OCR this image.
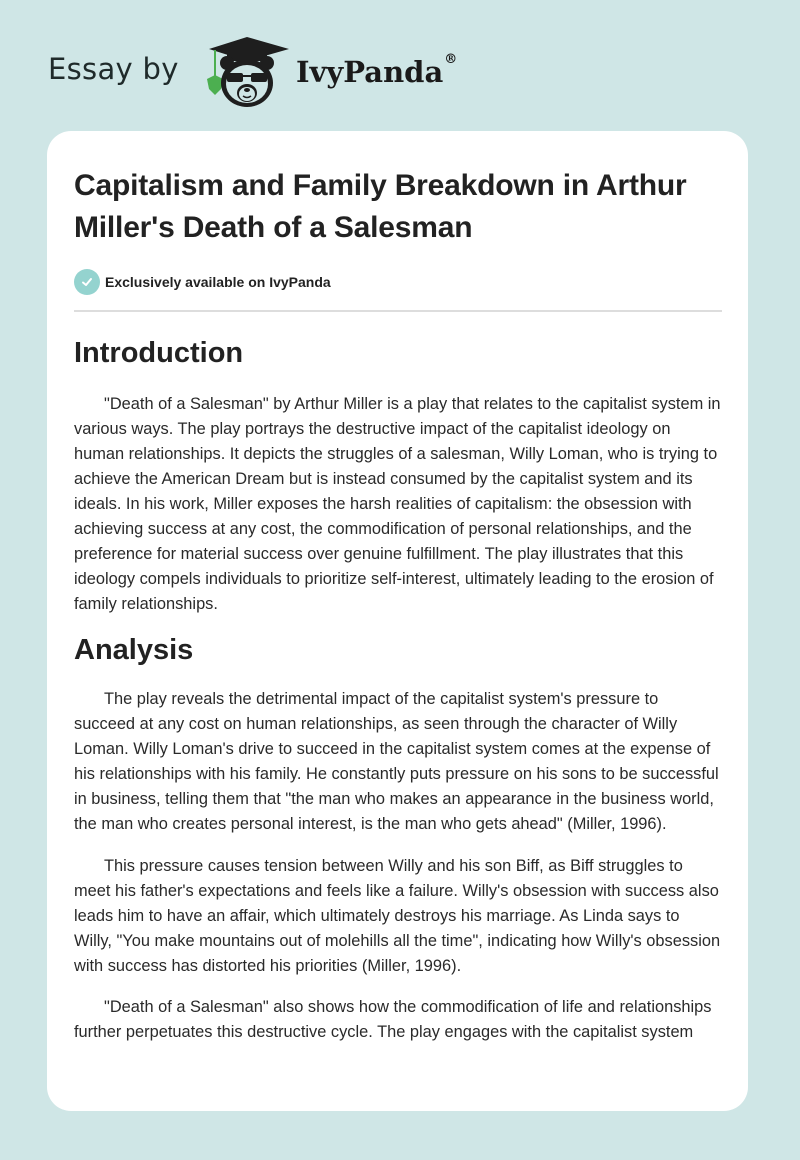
Essay by	IvyPanda®
Capitalism and Family Breakdown in Arthur Miller's Death of a Salesman
Exclusively available on IvyPanda
Introduction

"Death of a Salesman" by Arthur Miller is a play that relates to the capitalist system in various ways. The play portrays the destructive impact of the capitalist ideology on human relationships. It depicts the struggles of a salesman, Willy Loman, who is trying to achieve the American Dream but is instead consumed by the capitalist system and its ideals. In his work, Miller exposes the harsh realities of capitalism: the obsession with achieving success at any cost, the commodification of personal relationships, and the preference for material success over genuine fulfillment. The play illustrates that this ideology compels individuals to prioritize self-interest, ultimately leading to the erosion of family relationships.

Analysis

The play reveals the detrimental impact of the capitalist system's pressure to succeed at any cost on human relationships, as seen through the character of Willy Loman. Willy Loman's drive to succeed in the capitalist system comes at the expense of his relationships with his family. He constantly puts pressure on his sons to be successful in business, telling them that "the man who makes an appearance in the business world, the man who creates personal interest, is the man who gets ahead" (Miller, 1996).

This pressure causes tension between Willy and his son Biff, as Biff struggles to meet his father's expectations and feels like a failure. Willy's obsession with success also leads him to have an affair, which ultimately destroys his marriage. As Linda says to Willy, "You make mountains out of molehills all the time", indicating how Willy's obsession with success has distorted his priorities (Miller, 1996).

"Death of a Salesman" also shows how the commodification of life and relationships further perpetuates this destructive cycle. The play engages with the capitalist system
